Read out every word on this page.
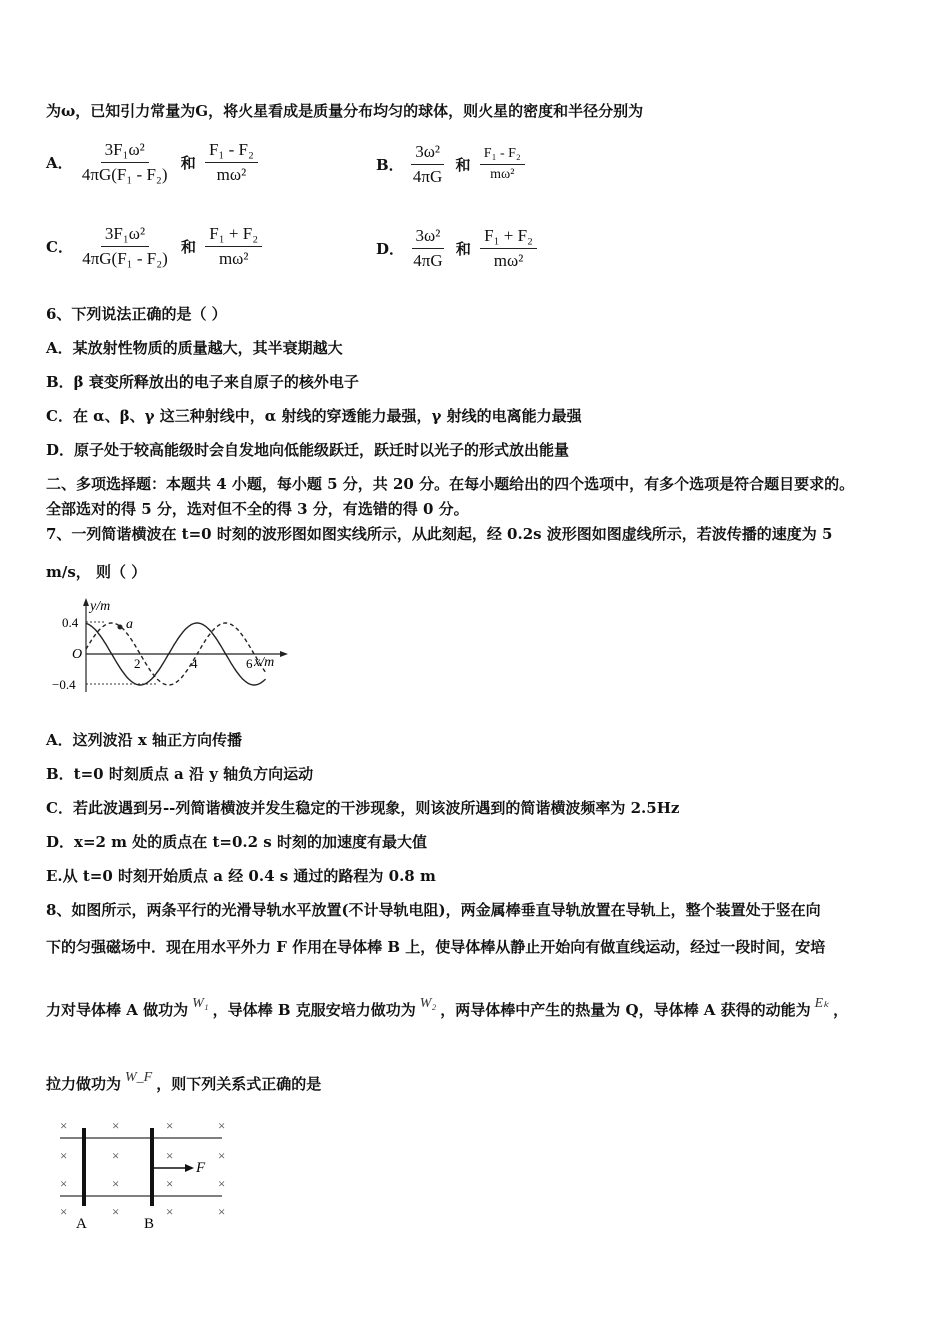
为ω，已知引力常量为G，将火星看成是质量分布均匀的球体，则火星的密度和半径分别为
A． $\frac{\text{3F₁ω²}}{\text{4πG(F₁ - F₂)}}$ 和 $\frac{\text{F₁ - F₂}}{\text{mω²}}$	B． $\frac{\text{3ω²}}{4\pi G}$ 和 $\frac{\text{F₁ - F₂}}{\text{mω²}}$
C． $\frac{\text{3F₁ω²}}{\text{4πG(F₁ - F₂)}}$ 和 $\frac{\text{F₁ + F₂}}{\text{mω²}}$	D． $\frac{\text{3ω²}}{4\pi G}$ 和 $\frac{\text{F₁ + F₂}}{\text{mω²}}$
6、下列说法正确的是（ ）
A．某放射性物质的质量越大，其半衰期越大
B．β 衰变所释放出的电子来自原子的核外电子
C．在 α、β、γ 这三种射线中，α 射线的穿透能力最强，γ 射线的电离能力最强
D．原子处于较高能级时会自发地向低能级跃迁，跃迁时以光子的形式放出能量
二、多项选择题：本题共 4 小题，每小题 5 分，共 20 分。在每小题给出的四个选项中，有多个选项是符合题目要求的。
全部选对的得 5 分，选对但不全的得 3 分，有选错的得 0 分。
7、一列简谐横波在 t=0 时刻的波形图如图实线所示，从此刻起，经 0.2s 波形图如图虚线所示，若波传播的速度为 5
m/s， 则（ ）
a
y/m
x/m
O
0.4
−0.4
2	4	6
A．这列波沿 x 轴正方向传播
B．t=0 时刻质点 a 沿 y 轴负方向运动
C．若此波遇到另--列简谐横波并发生稳定的干涉现象，则该波所遇到的简谐横波频率为 2.5Hz
D．x=2 m 处的质点在 t=0.2 s 时刻的加速度有最大值
E.从 t=0 时刻开始质点 a 经 0.4 s 通过的路程为 0.8 m
8、如图所示，两条平行的光滑导轨水平放置(不计导轨电阻)，两金属棒垂直导轨放置在导轨上，整个装置处于竖在向
下的匀强磁场中．现在用水平外力 F 作用在导体棒 B 上，使导体棒从静止开始向有做直线运动，经过一段时间，安培
力对导体棒 A 做功为 W₁ ，导体棒 B 克服安培力做功为 W₂ ，两导体棒中产生的热量为 Q，导体棒 A 获得的动能为 Eₖ ，
拉力做功为 W_F ，则下列关系式正确的是
×	×	×	×
×	×	×	×
×	×	×	×
×	×	×	×
F
A	B
